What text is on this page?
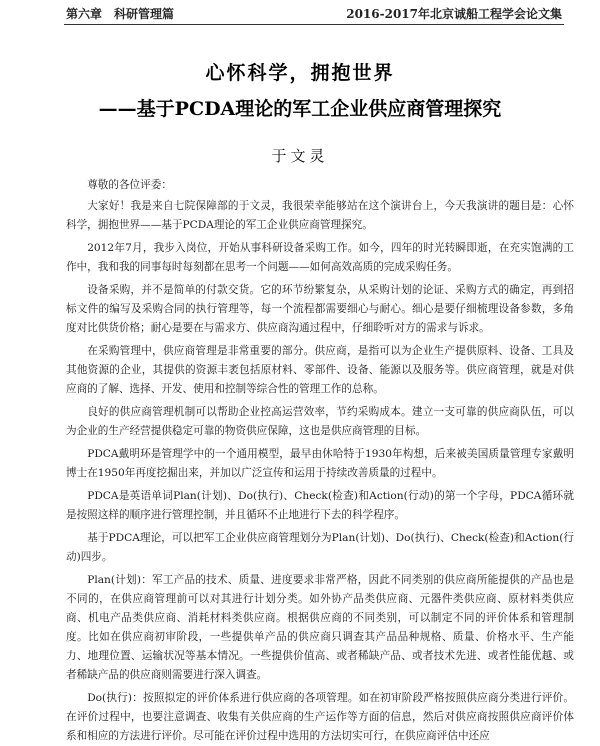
第六章 科研管理篇	2016-2017年北京诚船工程学会论文集
心怀科学，拥抱世界
——基于PCDA理论的军工企业供应商管理探究
于文灵

尊敬的各位评委：

大家好！我是来自七院保障部的于文灵，我很荣幸能够站在这个演讲台上，今天我演讲的题目是：心怀科学，拥抱世界——基于PCDA理论的军工企业供应商管理探究。

2012年7月，我步入岗位，开始从事科研设备采购工作。如今，四年的时光转瞬即逝，在充实饱满的工作中，我和我的同事每时每刻都在思考一个问题——如何高效高质的完成采购任务。

设备采购，并不是简单的付款交货。它的环节纷繁复杂，从采购计划的论证、采购方式的确定，再到招标文件的编写及采购合同的执行管理等，每一个流程都需要细心与耐心。细心是要仔细梳理设备参数，多角度对比供货价格；耐心是要在与需求方、供应商沟通过程中，仔细聆听对方的需求与诉求。

在采购管理中，供应商管理是非常重要的部分。供应商，是指可以为企业生产提供原料、设备、工具及其他资源的企业，其提供的资源丰袤包括原材料、零部件、设备、能源以及服务等。供应商管理，就是对供应商的了解、选择、开发、使用和控制等综合性的管理工作的总称。

良好的供应商管理机制可以帮助企业控高运营效率，节约采购成本。建立一支可靠的供应商队伍，可以为企业的生产经营提供稳定可靠的物资供应保障，这也是供应商管理的目标。

PDCA戴明环是管理学中的一个通用模型，最早由休哈特于1930年构想，后来被美国质量管理专家戴明博士在1950年再度挖掘出来，并加以广泛宣传和运用于持续改善质量的过程中。

PDCA是英语单词Plan(计划)、Do(执行)、Check(检查)和Action(行动)的第一个字母，PDCA循环就是按照这样的顺序进行管理控制，并且循环不止地进行下去的科学程序。

基于PDCA理论，可以把军工企业供应商管理划分为Plan(计划)、Do(执行)、Check(检查)和Action(行动)四步。

Plan(计划)：军工产品的技术、质量、进度要求非常严格，因此不同类别的供应商所能提供的产品也是不同的，在供应商管理前可以对其进行计划分类。如外协产品类供应商、元器件类供应商、原材料类供应商、机电产品类供应商、消耗材料类供应商。根据供应商的不同类别，可以制定不同的评价体系和管理制度。比如在供应商初审阶段，一些提供单产品的供应商只调查其产品品种规格、质量、价格水平、生产能力、地理位置、运输状况等基本情况。一些提供价值高、或者稀缺产品、或者技术先进、或者性能优越、或者稀缺产品的供应商则需要进行深入调查。

Do(执行)：按照拟定的评价体系进行供应商的各项管理。如在初审阶段严格按照供应商分类进行评价。在评价过程中，也要注意调查、收集有关供应商的生产运作等方面的信息，然后对供应商按照供应商评价体系和相应的方法进行评价。尽可能在评价过程中选用的方法切实可行，在供应商评估中还应
